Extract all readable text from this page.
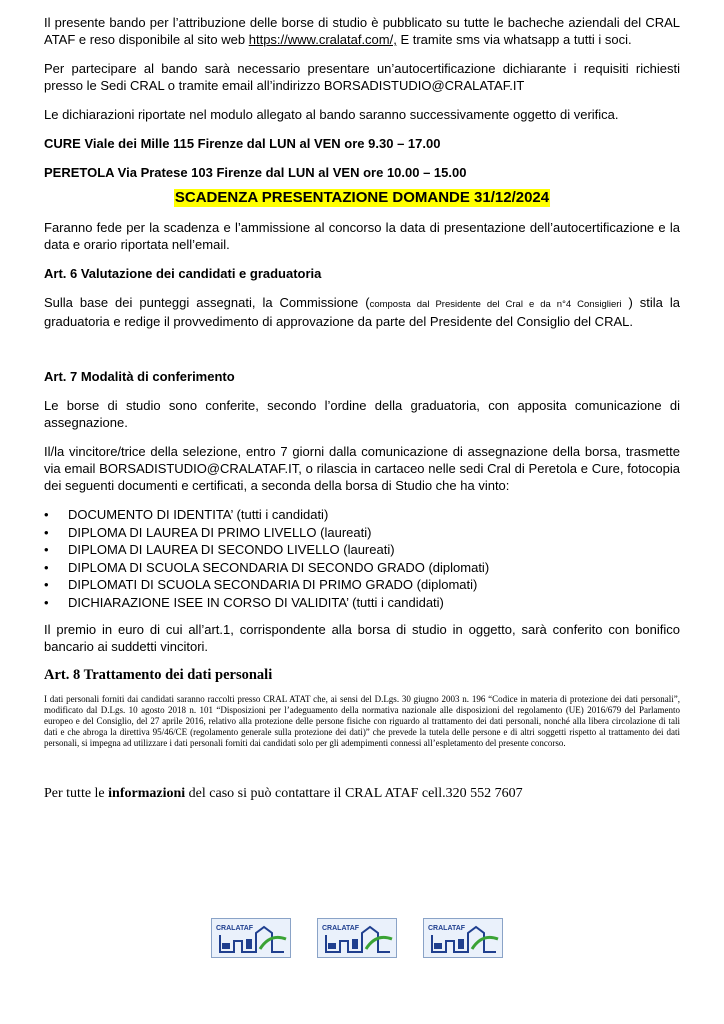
Il presente bando per l’attribuzione delle borse di studio è pubblicato su tutte le bacheche aziendali del CRAL ATAF e reso disponibile al sito web https://www.cralataf.com/, E tramite sms via whatsapp a tutti i soci.

Per partecipare al bando sarà necessario presentare un’autocertificazione dichiarante i requisiti richiesti presso le Sedi CRAL o tramite email all’indirizzo BORSADISTUDIO@CRALATAF.IT

Le dichiarazioni riportate nel modulo allegato al bando saranno successivamente oggetto di verifica.

CURE Viale dei Mille 115 Firenze dal LUN al VEN ore 9.30 – 17.00

PERETOLA Via Pratese 103 Firenze dal LUN al VEN ore 10.00 – 15.00

SCADENZA PRESENTAZIONE DOMANDE 31/12/2024

Faranno fede per la scadenza e l’ammissione al concorso la data di presentazione dell’autocertificazione e la data e orario riportata nell’email.

Art. 6 Valutazione dei candidati e graduatoria

Sulla base dei punteggi assegnati, la Commissione (composta dal Presidente del Cral e da n°4 Consiglieri ) stila la graduatoria e redige il provvedimento di approvazione da parte del Presidente del Consiglio del CRAL.

Art. 7 Modalità di conferimento

Le borse di studio sono conferite, secondo l’ordine della graduatoria, con apposita comunicazione di assegnazione.

Il/la vincitore/trice della selezione, entro 7 giorni dalla comunicazione di assegnazione della borsa, trasmette via email BORSADISTUDIO@CRALATAF.IT, o rilascia in cartaceo nelle sedi Cral di Peretola e Cure, fotocopia dei seguenti documenti e certificati, a seconda della borsa di Studio che ha vinto:

• DOCUMENTO DI IDENTITA’ (tutti i candidati)
• DIPLOMA DI LAUREA DI PRIMO LIVELLO (laureati)
• DIPLOMA DI LAUREA DI SECONDO LIVELLO (laureati)
• DIPLOMA DI SCUOLA SECONDARIA DI SECONDO GRADO (diplomati)
• DIPLOMATI DI SCUOLA SECONDARIA DI PRIMO GRADO (diplomati)
• DICHIARAZIONE ISEE IN CORSO DI VALIDITA’ (tutti i candidati)

Il premio in euro di cui all’art.1, corrispondente alla borsa di studio in oggetto, sarà conferito con bonifico bancario ai suddetti vincitori.

Art. 8 Trattamento dei dati personali

I dati personali forniti dai candidati saranno raccolti presso CRAL ATAT che, ai sensi del D.Lgs. 30 giugno 2003 n. 196 “Codice in materia di protezione dei dati personali”, modificato dal D.Lgs. 10 agosto 2018 n. 101 “Disposizioni per l’adeguamento della normativa nazionale alle disposizioni del regolamento (UE) 2016/679 del Parlamento europeo e del Consiglio, del 27 aprile 2016, relativo alla protezione delle persone fisiche con riguardo al trattamento dei dati personali, nonché alla libera circolazione di tali dati e che abroga la direttiva 95/46/CE (regolamento generale sulla protezione dei dati)” che prevede la tutela delle persone e di altri soggetti rispetto al trattamento dei dati personali, si impegna ad utilizzare i dati personali forniti dai candidati solo per gli adempimenti connessi all’espletamento del presente concorso.

Per tutte le informazioni del caso si può contattare il CRAL ATAF cell.320 552 7607

CRALATAF	CRALATAF	CRALATAF
